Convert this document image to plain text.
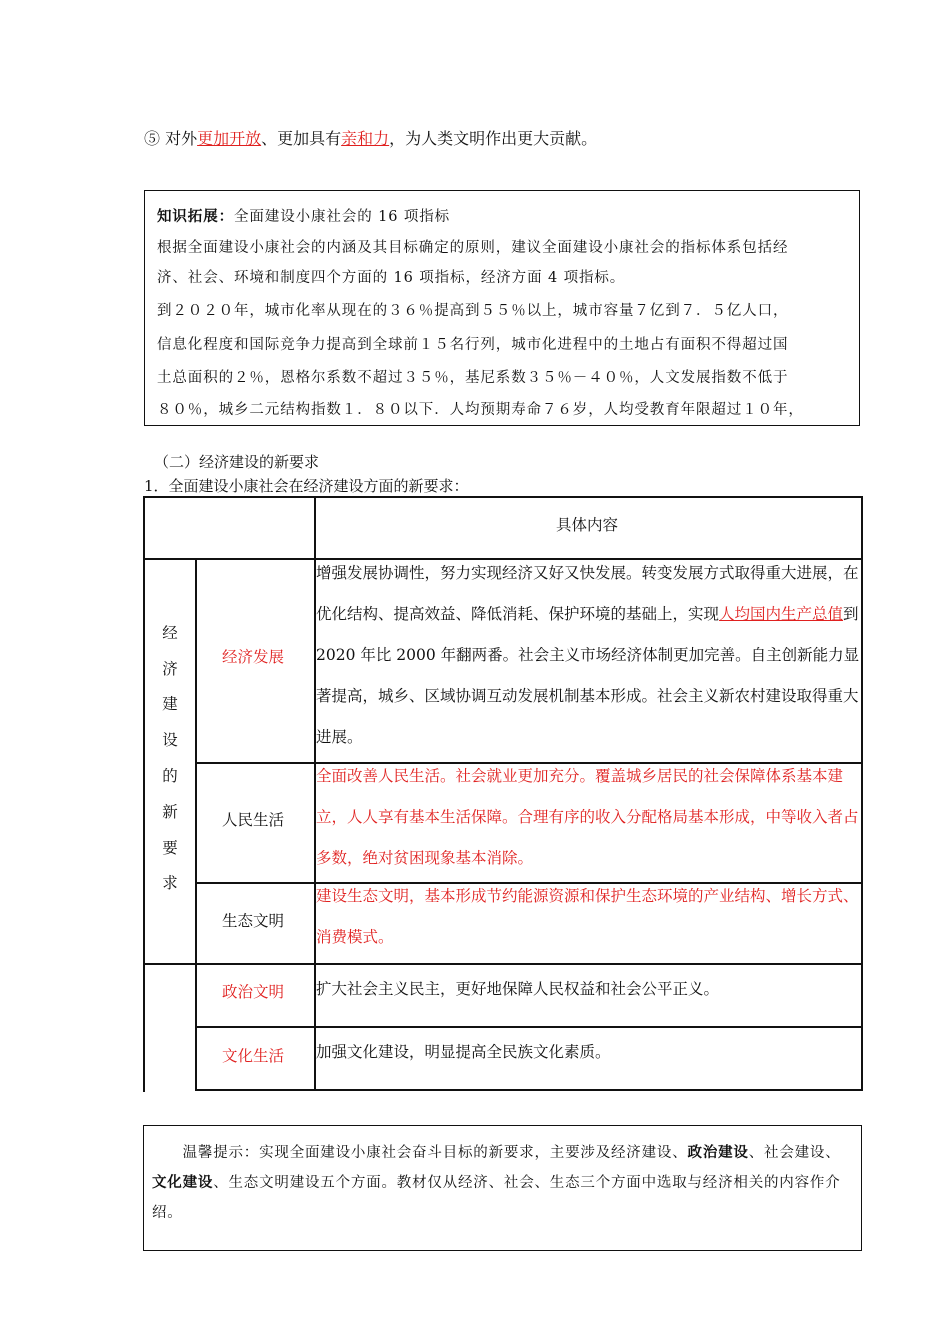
⑤ 对外更加开放、更加具有亲和力，为人类文明作出更大贡献。
知识拓展：全面建设小康社会的 16 项指标
根据全面建设小康社会的内涵及其目标确定的原则，建议全面建设小康社会的指标体系包括经
济、社会、环境和制度四个方面的 16 项指标，经济方面 4 项指标。
到２０２０年，城市化率从现在的３６％提高到５５％以上，城市容量７亿到７．５亿人口，
信息化程度和国际竞争力提高到全球前１５名行列，城市化进程中的土地占有面积不得超过国
土总面积的２％，恩格尔系数不超过３５％，基尼系数３５％－４０％，人文发展指数不低于
８０％，城乡二元结构指数１．８０以下．人均预期寿命７６岁，人均受教育年限超过１０年，
（二）经济建设的新要求
1．全面建设小康社会在经济建设方面的新要求：
具体内容
经
济
建
设
的
新
要
求
经济发展
人民生活
生态文明
政治文明
文化生活
增强发展协调性，努力实现经济又好又快发展。转变发展方式取得重大进展，在优化结构、提高效益、降低消耗、保护环境的基础上，实现人均国内生产总值到 2020 年比 2000 年翻两番。社会主义市场经济体制更加完善。自主创新能力显著提高，城乡、区域协调互动发展机制基本形成。社会主义新农村建设取得重大进展。
全面改善人民生活。社会就业更加充分。覆盖城乡居民的社会保障体系基本建立，人人享有基本生活保障。合理有序的收入分配格局基本形成，中等收入者占多数，绝对贫困现象基本消除。
建设生态文明，基本形成节约能源资源和保护生态环境的产业结构、增长方式、消费模式。
扩大社会主义民主，更好地保障人民权益和社会公平正义。
加强文化建设，明显提高全民族文化素质。
  温馨提示：实现全面建设小康社会奋斗目标的新要求，主要涉及经济建设、政治建设、社会建设、文化建设、生态文明建设五个方面。教材仅从经济、社会、生态三个方面中选取与经济相关的内容作介绍。
